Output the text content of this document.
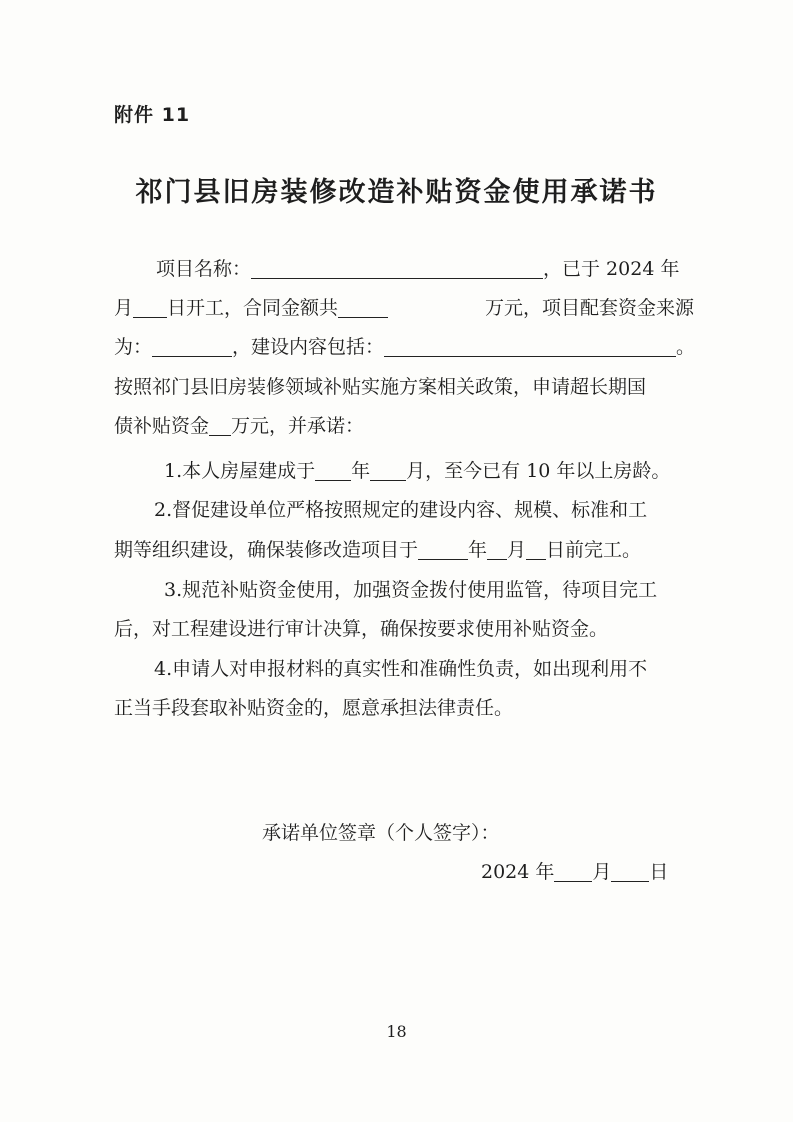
附件 11
祁门县旧房装修改造补贴资金使用承诺书
项目名称：	，已于 2024 年
月 日开工，合同金额共	万元，项目配套资金来源
为：	，建设内容包括：	。
按照祁门县旧房装修领域补贴实施方案相关政策，申请超长期国
债补贴资金 万元，并承诺：
1.本人房屋建成于 年 月，至今已有 10 年以上房龄。
2.督促建设单位严格按照规定的建设内容、规模、标准和工
期等组织建设，确保装修改造项目于	年 月 日前完工。
3.规范补贴资金使用，加强资金拨付使用监管，待项目完工
后，对工程建设进行审计决算，确保按要求使用补贴资金。
4.申请人对申报材料的真实性和准确性负责，如出现利用不
正当手段套取补贴资金的，愿意承担法律责任。
承诺单位签章（个人签字）：
2024 年 月 日
18
